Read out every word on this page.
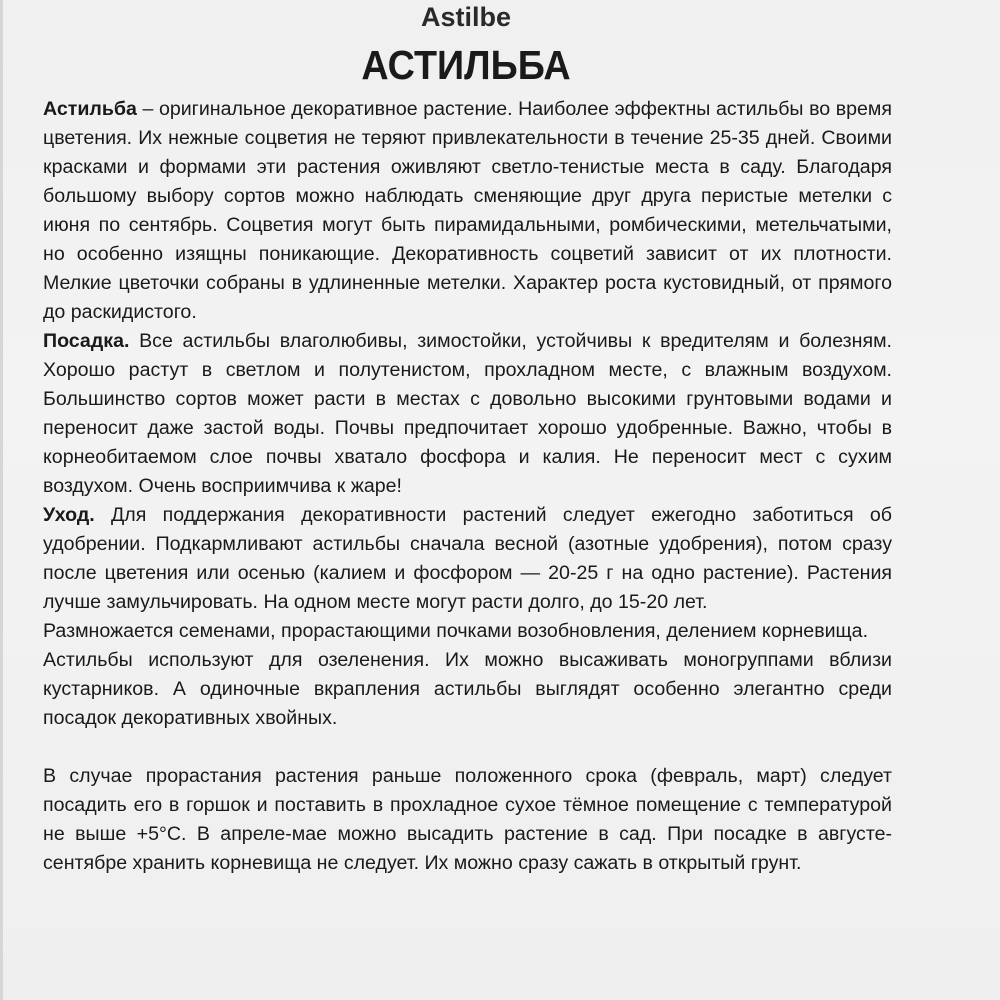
Astilbe
АСТИЛЬБА

Астильба – оригинальное декоративное растение. Наиболее эффектны астильбы во время цветения. Их нежные соцветия не теряют привлекательности в течение 25-35 дней. Своими красками и формами эти растения оживляют светло-тенистые места в саду. Благодаря большому выбору сортов можно наблюдать сменяющие друг друга перистые метелки с июня по сентябрь. Соцветия могут быть пирамидальными, ромбическими, метельчатыми, но особенно изящны поникающие. Декоративность соцветий зависит от их плотности. Мелкие цветочки собраны в удлиненные метелки. Характер роста кустовидный, от прямого до раскидистого.

Посадка. Все астильбы влаголюбивы, зимостойки, устойчивы к вредителям и болезням. Хорошо растут в светлом и полутенистом, прохладном месте, с влажным воздухом. Большинство сортов может расти в местах с довольно высокими грунтовыми водами и переносит даже застой воды. Почвы предпочитает хорошо удобренные. Важно, чтобы в корнеобитаемом слое почвы хватало фосфора и калия. Не переносит мест с сухим воздухом. Очень восприимчива к жаре!

Уход. Для поддержания декоративности растений следует ежегодно заботиться об удобрении. Подкармливают астильбы сначала весной (азотные удобрения), потом сразу после цветения или осенью (калием и фосфором — 20-25 г на одно растение). Растения лучше замульчировать. На одном месте могут расти долго, до 15-20 лет.

Размножается семенами, прорастающими почками возобновления, делением корневища.

Астильбы используют для озеленения. Их можно высаживать моногруппами вблизи кустарников. А одиночные вкрапления астильбы выглядят особенно элегантно среди посадок декоративных хвойных.

В случае прорастания растения раньше положенного срока (февраль, март) следует посадить его в горшок и поставить в прохладное сухое тёмное помещение с температурой не выше +5°С. В апреле-мае можно высадить растение в сад. При посадке в августе-сентябре хранить корневища не следует. Их можно сразу сажать в открытый грунт.
